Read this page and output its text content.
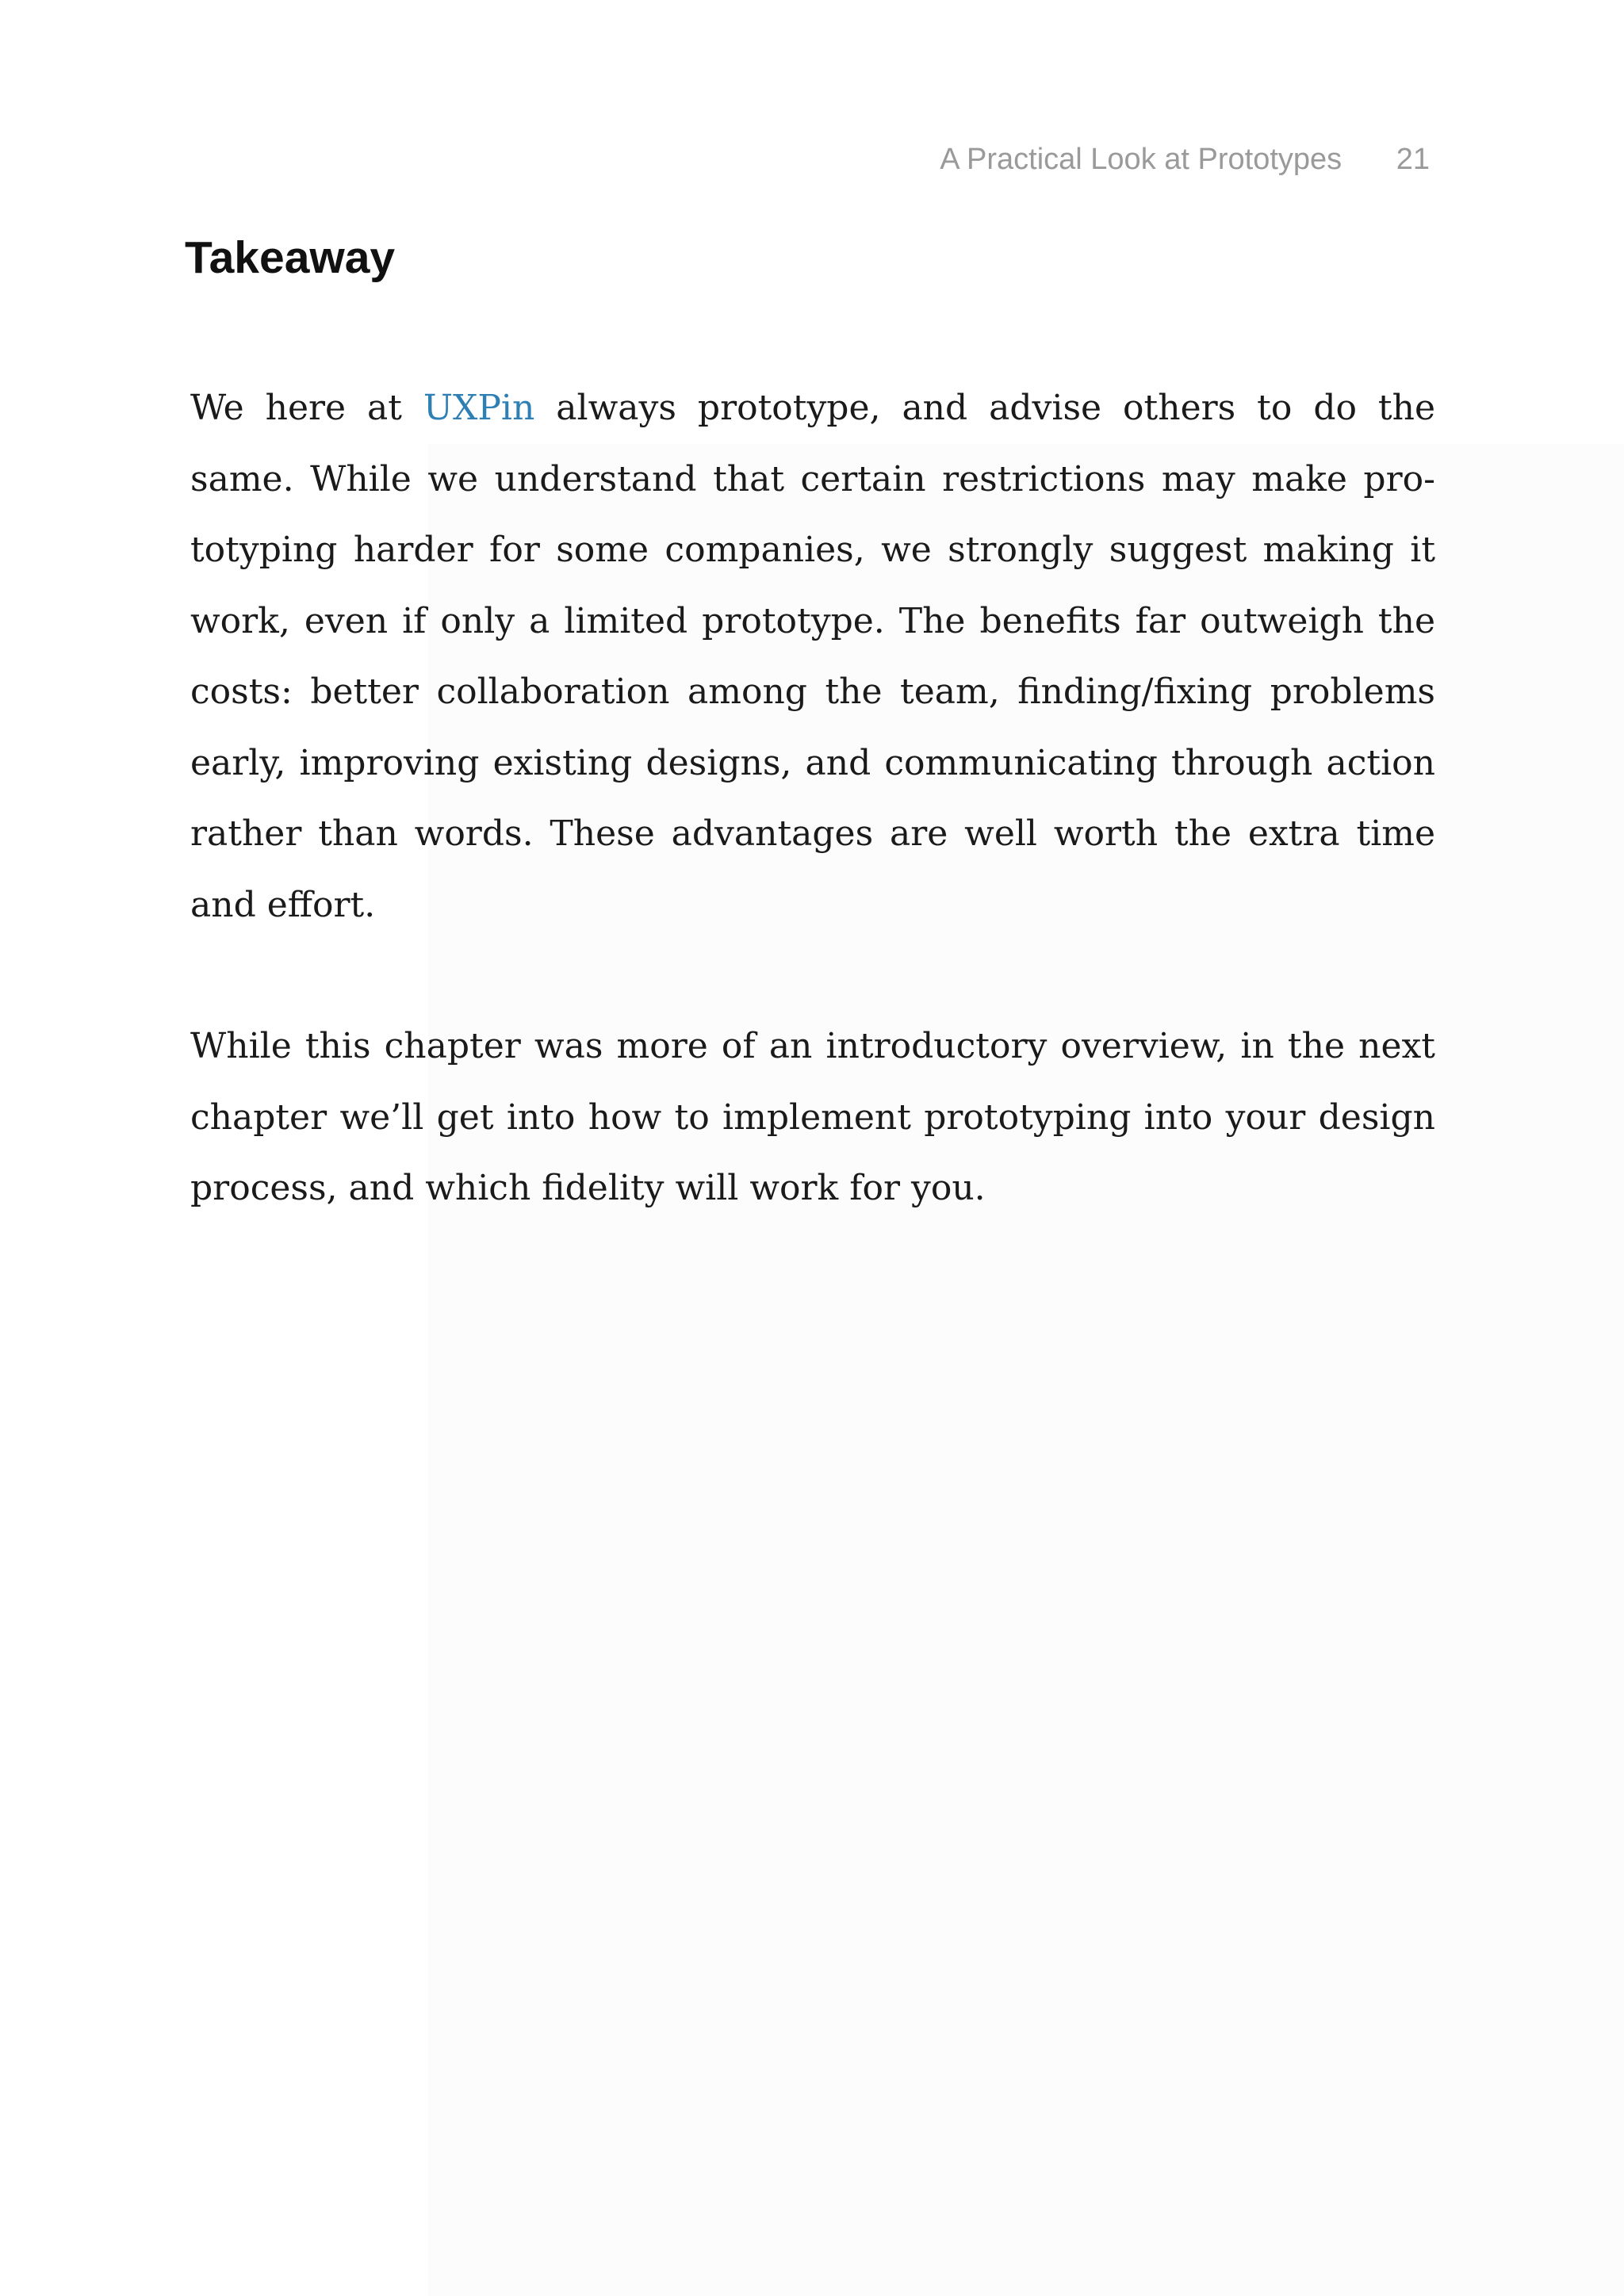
A Practical Look at Prototypes 21
Takeaway

We here at UXPin always prototype, and advise others to do the same. While we understand that certain restrictions may make prototyping harder for some companies, we strongly suggest making it work, even if only a limited prototype. The benefits far outweigh the costs: better collaboration among the team, finding/fixing problems early, improving existing designs, and communicating through action rather than words. These advantages are well worth the extra time and effort.

While this chapter was more of an introductory overview, in the next chapter we’ll get into how to implement prototyping into your design process, and which fidelity will work for you.
